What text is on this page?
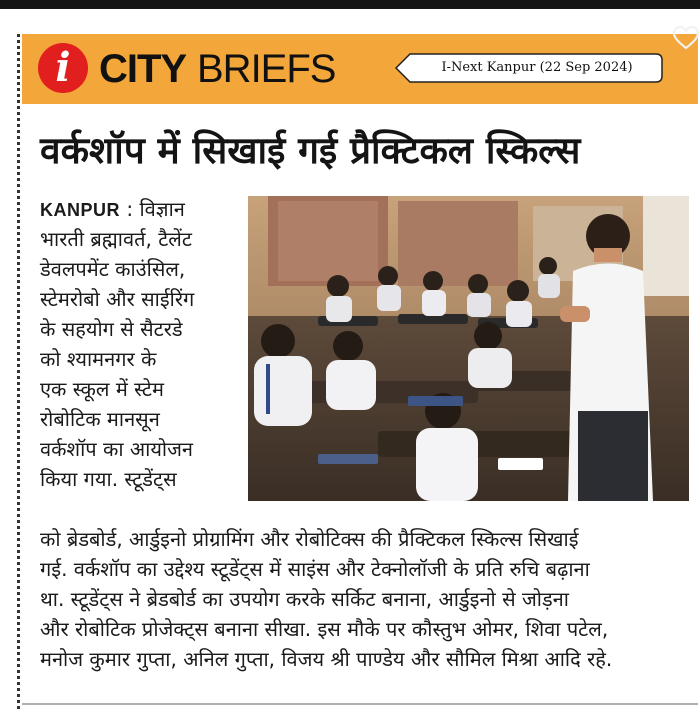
i CITY BRIEFS	I-Next Kanpur (22 Sep 2024)
वर्कशॉप में सिखाई गई प्रैक्टिकल स्किल्स
KANPUR : विज्ञान
भारती ब्रह्मावर्त, टैलेंट
डेवलपमेंट काउंसिल,
स्टेमरोबो और साईरिंग
के सहयोग से सैटरडे
को श्यामनगर के
एक स्कूल में स्टेम
रोबोटिक मानसून
वर्कशॉप का आयोजन
किया गया. स्टूडेंट्स
को ब्रेडबोर्ड, आर्डुइनो प्रोग्रामिंग और रोबोटिक्स की प्रैक्टिकल स्किल्स सिखाई
गई. वर्कशॉप का उद्देश्य स्टूडेंट्स में साइंस और टेक्नोलॉजी के प्रति रुचि बढ़ाना
था. स्टूडेंट्स ने ब्रेडबोर्ड का उपयोग करके सर्किट बनाना, आर्डुइनो से जोड़ना
और रोबोटिक प्रोजेक्ट्स बनाना सीखा. इस मौके पर कौस्तुभ ओमर, शिवा पटेल,
मनोज कुमार गुप्ता, अनिल गुप्ता, विजय श्री पाण्डेय और सौमिल मिश्रा आदि रहे.
